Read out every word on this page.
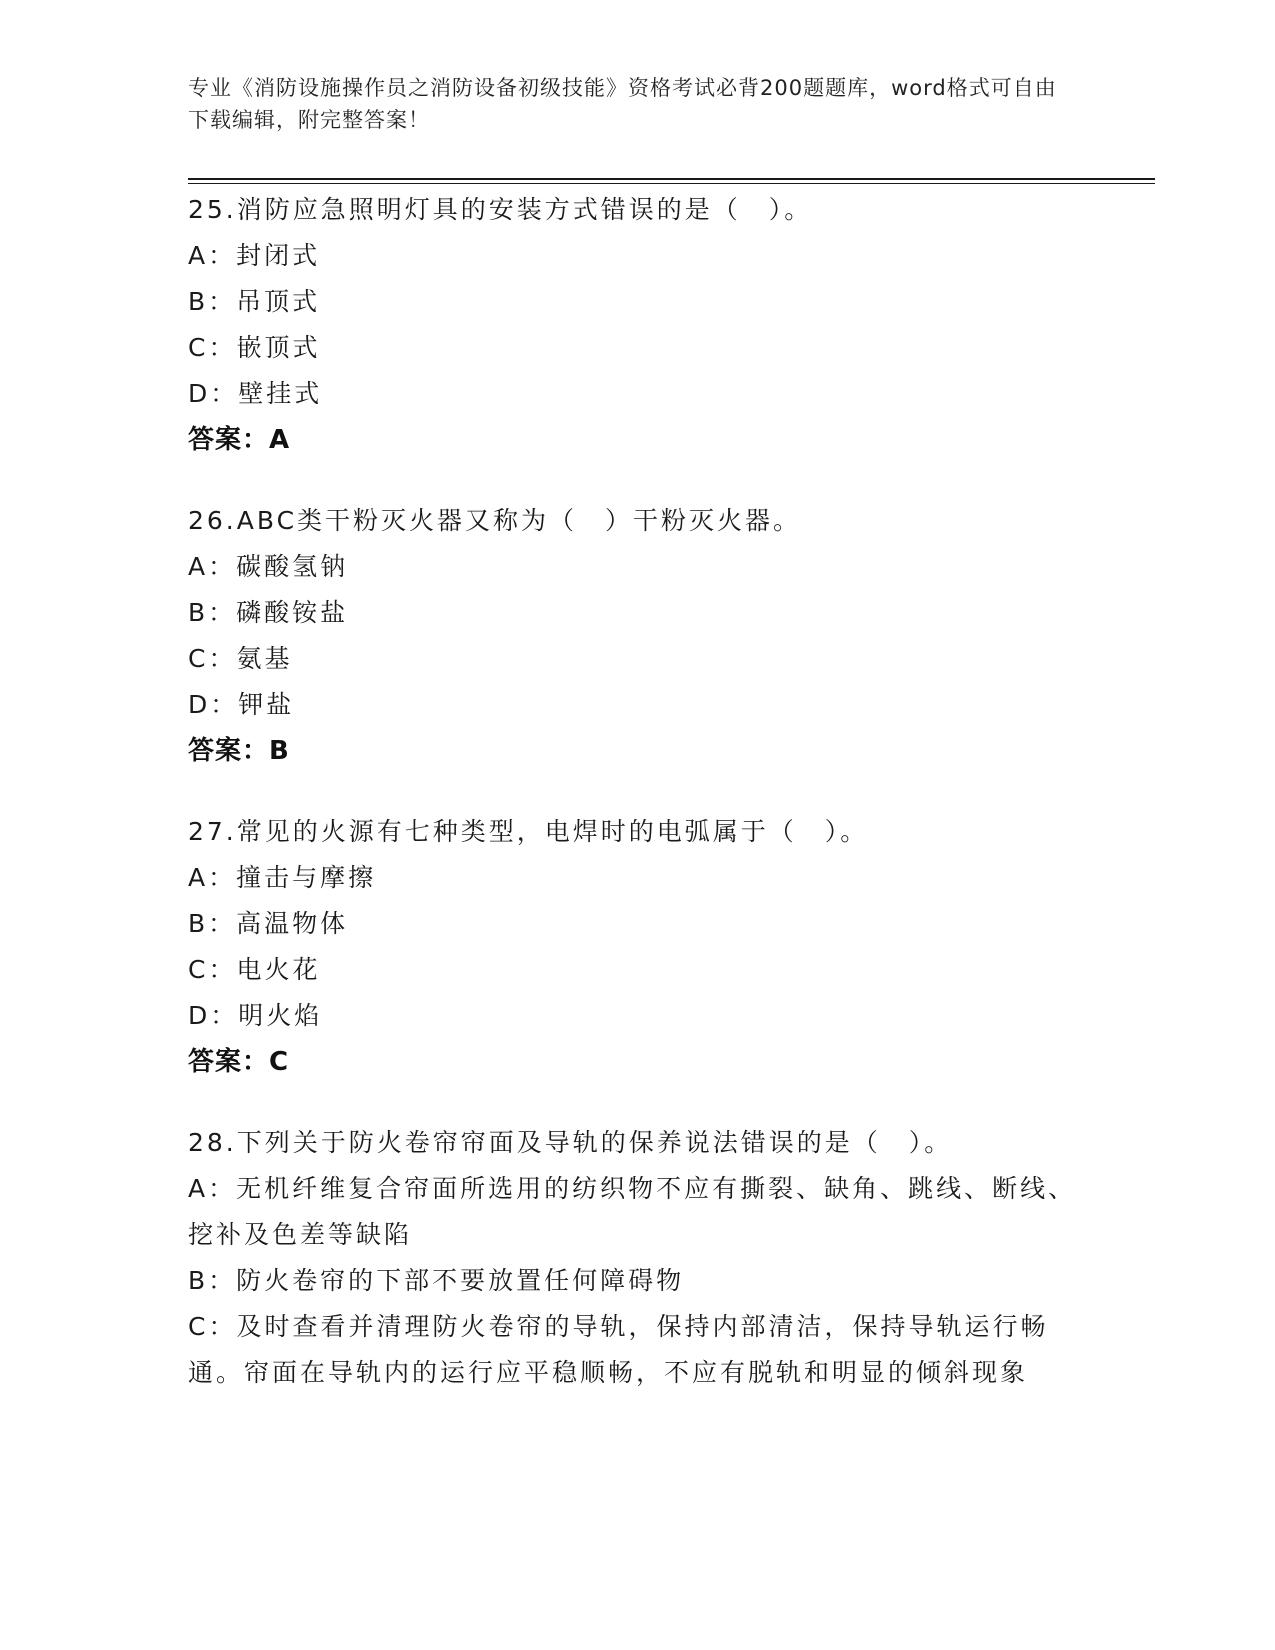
专业《消防设施操作员之消防设备初级技能》资格考试必背200题题库，word格式可自由下载编辑，附完整答案！
25.消防应急照明灯具的安装方式错误的是（　）。
A：封闭式
B：吊顶式
C：嵌顶式
D：壁挂式
答案：A
26.ABC类干粉灭火器又称为（　）干粉灭火器。
A：碳酸氢钠
B：磷酸铵盐
C：氨基
D：钾盐
答案：B
27.常见的火源有七种类型，电焊时的电弧属于（　）。
A：撞击与摩擦
B：高温物体
C：电火花
D：明火焰
答案：C
28.下列关于防火卷帘帘面及导轨的保养说法错误的是（　）。
A：无机纤维复合帘面所选用的纺织物不应有撕裂、缺角、跳线、断线、挖补及色差等缺陷
B：防火卷帘的下部不要放置任何障碍物
C：及时查看并清理防火卷帘的导轨，保持内部清洁，保持导轨运行畅通。帘面在导轨内的运行应平稳顺畅，不应有脱轨和明显的倾斜现象
